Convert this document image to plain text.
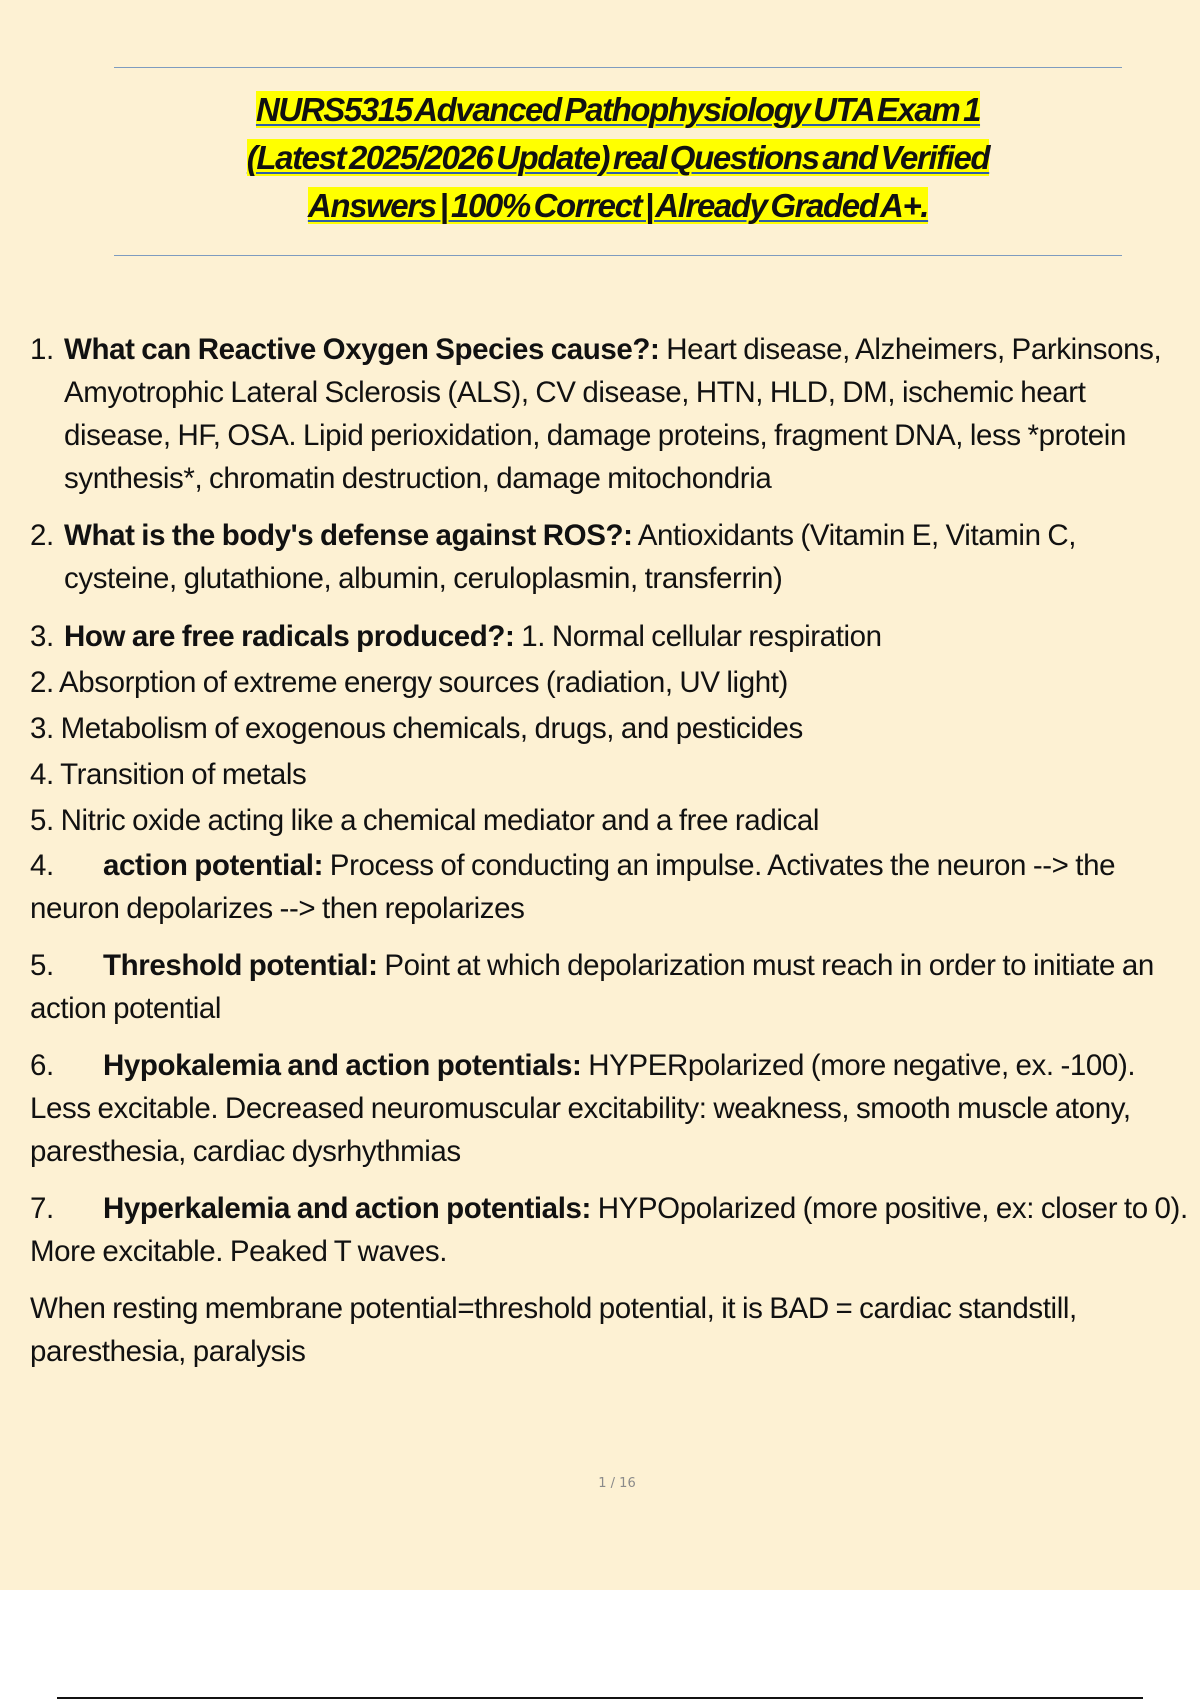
NURS5315 Advanced Pathophysiology UTA Exam 1
(Latest 2025/2026 Update) real Questions and Verified
Answers | 100% Correct | Already Graded A+.

1. What can Reactive Oxygen Species cause?: Heart disease, Alzheimers, Parkinsons, Amyotrophic Lateral Sclerosis (ALS), CV disease, HTN, HLD, DM, ischemic heart disease, HF, OSA. Lipid perioxidation, damage proteins, fragment DNA, less *protein synthesis*, chromatin destruction, damage mitochondria

2. What is the body's defense against ROS?: Antioxidants (Vitamin E, Vitamin C, cysteine, glutathione, albumin, ceruloplasmin, transferrin)

3. How are free radicals produced?: 1. Normal cellular respiration

2. Absorption of extreme energy sources (radiation, UV light)

3. Metabolism of exogenous chemicals, drugs, and pesticides

4. Transition of metals

5. Nitric oxide acting like a chemical mediator and a free radical

4. action potential: Process of conducting an impulse. Activates the neuron --> the neuron depolarizes --> then repolarizes

5. Threshold potential: Point at which depolarization must reach in order to initiate an action potential

6. Hypokalemia and action potentials: HYPERpolarized (more negative, ex. -100). Less excitable. Decreased neuromuscular excitability: weakness, smooth muscle atony, paresthesia, cardiac dysrhythmias

7. Hyperkalemia and action potentials: HYPOpolarized (more positive, ex: closer to 0). More excitable. Peaked T waves.

When resting membrane potential=threshold potential, it is BAD = cardiac standstill, paresthesia, paralysis

1 / 16
